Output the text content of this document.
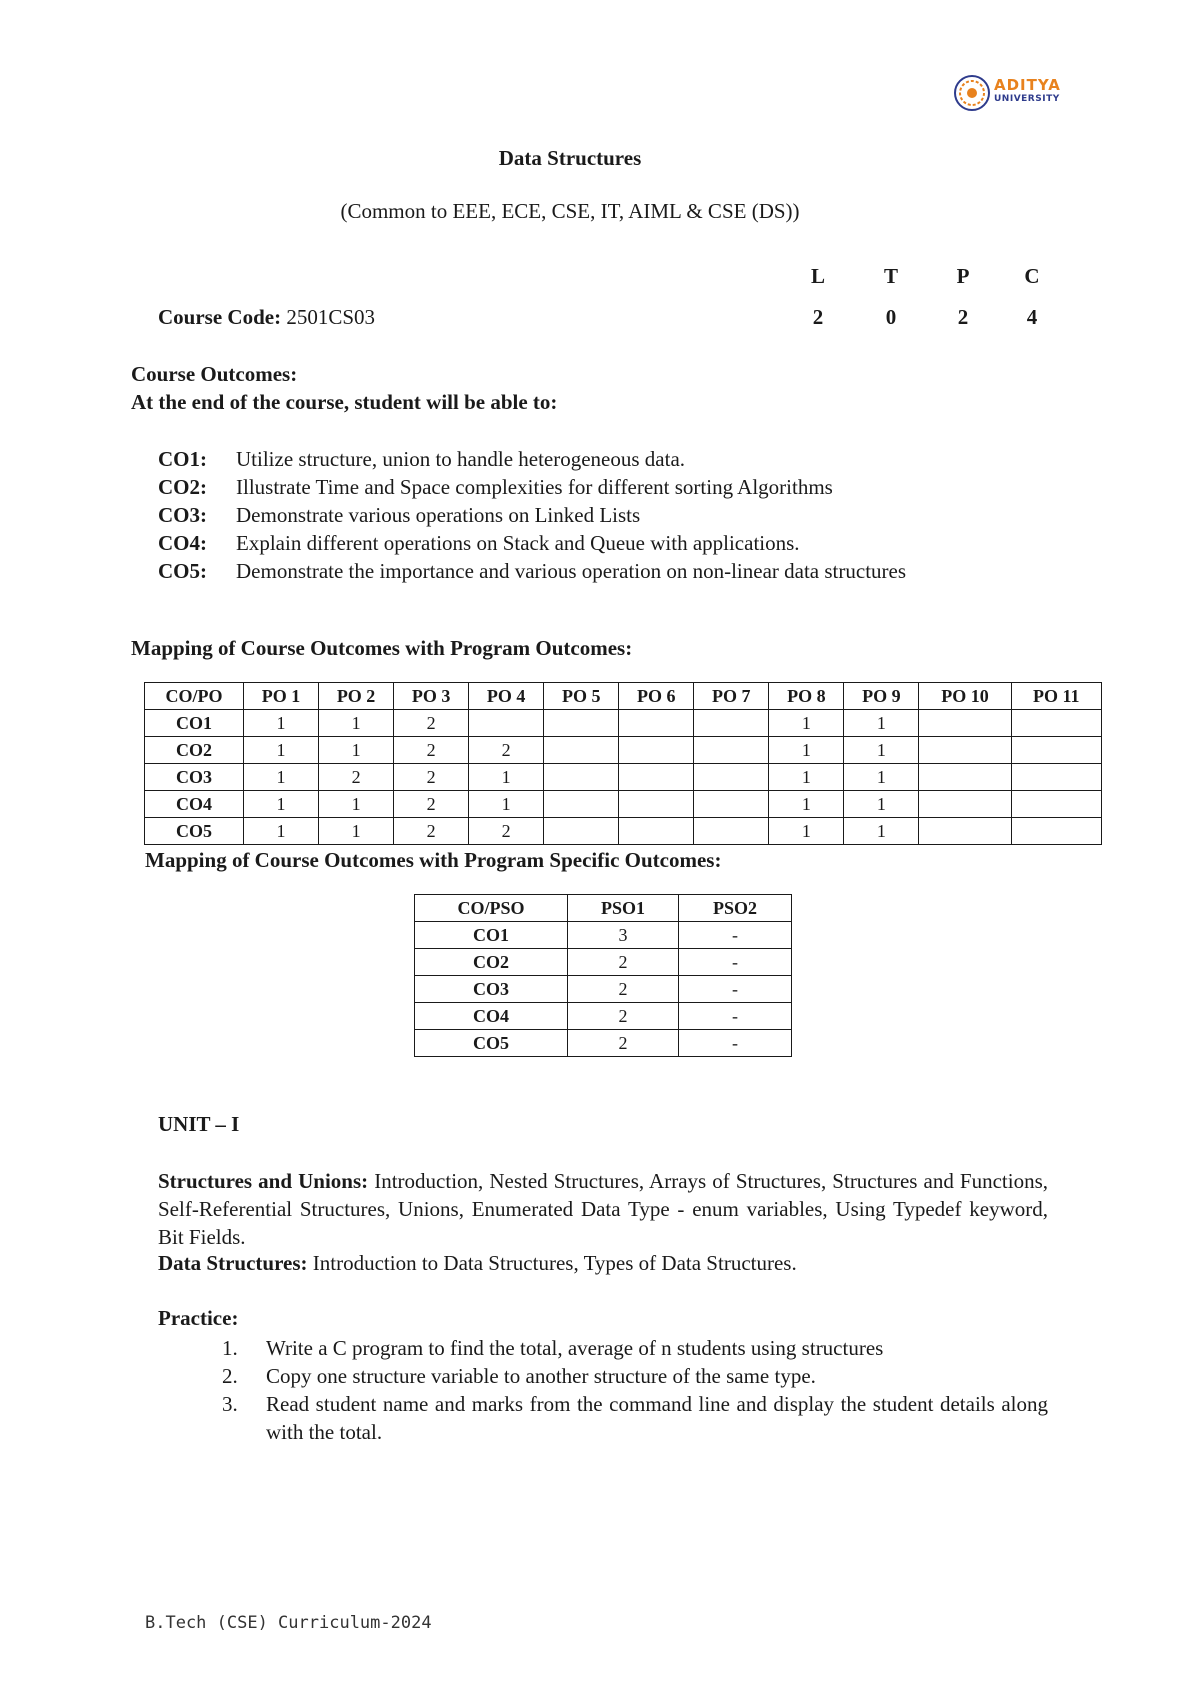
ADITYA
UNIVERSITY
Data Structures
(Common to EEE, ECE, CSE, IT, AIML & CSE (DS))
L	T	P	C
2	0	2	4
Course Code: 2501CS03
Course Outcomes:
At the end of the course, student will be able to:
CO1:	Utilize structure, union to handle heterogeneous data.
CO2:	Illustrate Time and Space complexities for different sorting Algorithms
CO3:	Demonstrate various operations on Linked Lists
CO4:	Explain different operations on Stack and Queue with applications.
CO5:	Demonstrate the importance and various operation on non-linear data structures
Mapping of Course Outcomes with Program Outcomes:
CO/PO	PO 1	PO 2	PO 3	PO 4	PO 5	PO 6	PO 7	PO 8	PO 9	PO 10	PO 11
CO1	1	1	2					1	1		
CO2	1	1	2	2				1	1		
CO3	1	2	2	1				1	1		
CO4	1	1	2	1				1	1		
CO5	1	1	2	2				1	1		
Mapping of Course Outcomes with Program Specific Outcomes:
CO/PSO	PSO1	PSO2
CO1	3	-
CO2	2	-
CO3	2	-
CO4	2	-
CO5	2	-
UNIT – I
Structures and Unions: Introduction, Nested Structures, Arrays of Structures, Structures and Functions, Self-Referential Structures, Unions, Enumerated Data Type - enum variables, Using Typedef keyword, Bit Fields.
Data Structures: Introduction to Data Structures, Types of Data Structures.
Practice:
1.	Write a C program to find the total, average of n students using structures
2.	Copy one structure variable to another structure of the same type.
3.	Read student name and marks from the command line and display the student details along with the total.
B.Tech (CSE) Curriculum-2024
